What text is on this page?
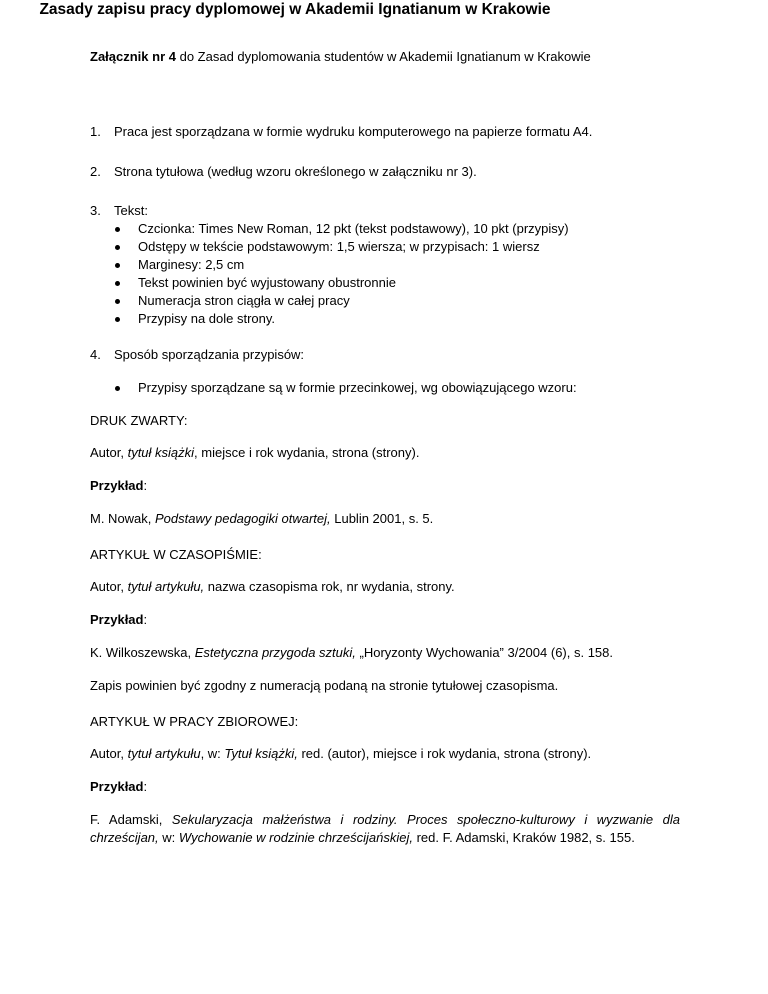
Załącznik nr 4 do Zasad dyplomowania studentów w Akademii Ignatianum w Krakowie
Zasady zapisu pracy dyplomowej w Akademii Ignatianum w Krakowie
1. Praca jest sporządzana w formie wydruku komputerowego na papierze formatu A4.
2. Strona tytułowa (według wzoru określonego w załączniku nr 3).
3. Tekst:
Czcionka: Times New Roman, 12 pkt (tekst podstawowy), 10 pkt (przypisy)
Odstępy w tekście podstawowym: 1,5 wiersza; w przypisach: 1 wiersz
Marginesy: 2,5 cm
Tekst powinien być wyjustowany obustronnie
Numeracja stron ciągła w całej pracy
Przypisy na dole strony.
4. Sposób sporządzania przypisów:
Przypisy sporządzane są w formie przecinkowej, wg obowiązującego wzoru:
DRUK ZWARTY:
Autor, tytuł książki, miejsce i rok wydania, strona (strony).
Przykład:
M. Nowak, Podstawy pedagogiki otwartej, Lublin 2001, s. 5.
ARTYKUŁ W CZASOPIŚMIE:
Autor, tytuł artykułu, nazwa czasopisma rok, nr wydania, strony.
Przykład:
K. Wilkoszewska, Estetyczna przygoda sztuki, „Horyzonty Wychowania” 3/2004 (6), s. 158.
Zapis powinien być zgodny z numeracją podaną na stronie tytułowej czasopisma.
ARTYKUŁ W PRACY ZBIOROWEJ:
Autor, tytuł artykułu, w: Tytuł książki, red. (autor), miejsce i rok wydania, strona (strony).
Przykład:
F. Adamski, Sekularyzacja małżeństwa i rodziny. Proces społeczno-kulturowy i wyzwanie dla chrześcijan, w: Wychowanie w rodzinie chrześcijańskiej, red. F. Adamski, Kraków 1982, s. 155.
